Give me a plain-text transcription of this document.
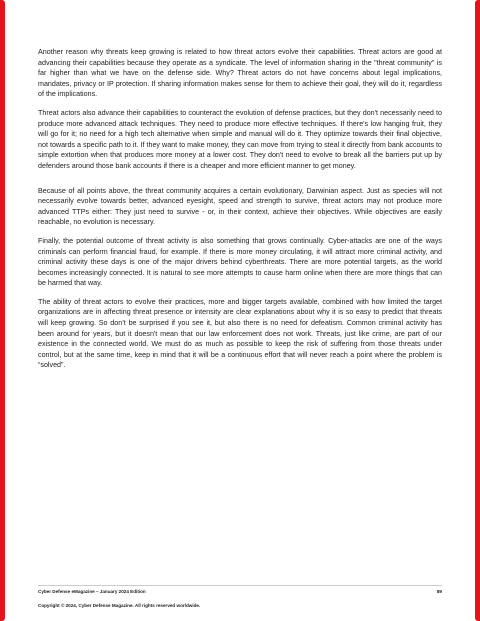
Another reason why threats keep growing is related to how threat actors evolve their capabilities. Threat actors are good at advancing their capabilities because they operate as a syndicate. The level of information sharing in the "threat community" is far higher than what we have on the defense side. Why? Threat actors do not have concerns about legal implications, mandates, privacy or IP protection. If sharing information makes sense for them to achieve their goal, they will do it, regardless of the implications.

Threat actors also advance their capabilities to counteract the evolution of defense practices, but they don't necessarily need to produce more advanced attack techniques. They need to produce more effective techniques. If there's low hanging fruit, they will go for it; no need for a high tech alternative when simple and manual will do it. They optimize towards their final objective, not towards a specific path to it. If they want to make money, they can move from trying to steal it directly from bank accounts to simple extortion when that produces more money at a lower cost. They don't need to evolve to break all the barriers put up by defenders around those bank accounts if there is a cheaper and more efficient manner to get money.

Because of all points above, the threat community acquires a certain evolutionary, Darwinian aspect. Just as species will not necessarily evolve towards better, advanced eyesight, speed and strength to survive, threat actors may not produce more advanced TTPs either: They just need to survive - or, in their context, achieve their objectives. While objectives are easily reachable, no evolution is necessary.

Finally, the potential outcome of threat activity is also something that grows continually. Cyber-attacks are one of the ways criminals can perform financial fraud, for example. If there is more money circulating, it will attract more criminal activity, and criminal activity these days is one of the major drivers behind cyberthreats. There are more potential targets, as the world becomes increasingly connected. It is natural to see more attempts to cause harm online when there are more things that can be harmed that way.

The ability of threat actors to evolve their practices, more and bigger targets available, combined with how limited the target organizations are in affecting threat presence or intensity are clear explanations about why it is so easy to predict that threats will keep growing. So don’t be surprised if you see it, but also there is no need for defeatism. Common criminal activity has been around for years, but it doesn't mean that our law enforcement does not work. Threats, just like crime, are part of our existence in the connected world. We must do as much as possible to keep the risk of suffering from those threats under control, but at the same time, keep in mind that it will be a continuous effort that will never reach a point where the problem is “solved”.

Cyber Defense eMagazine – January 2024 Edition	89
Copyright © 2024, Cyber Defense Magazine. All rights reserved worldwide.
